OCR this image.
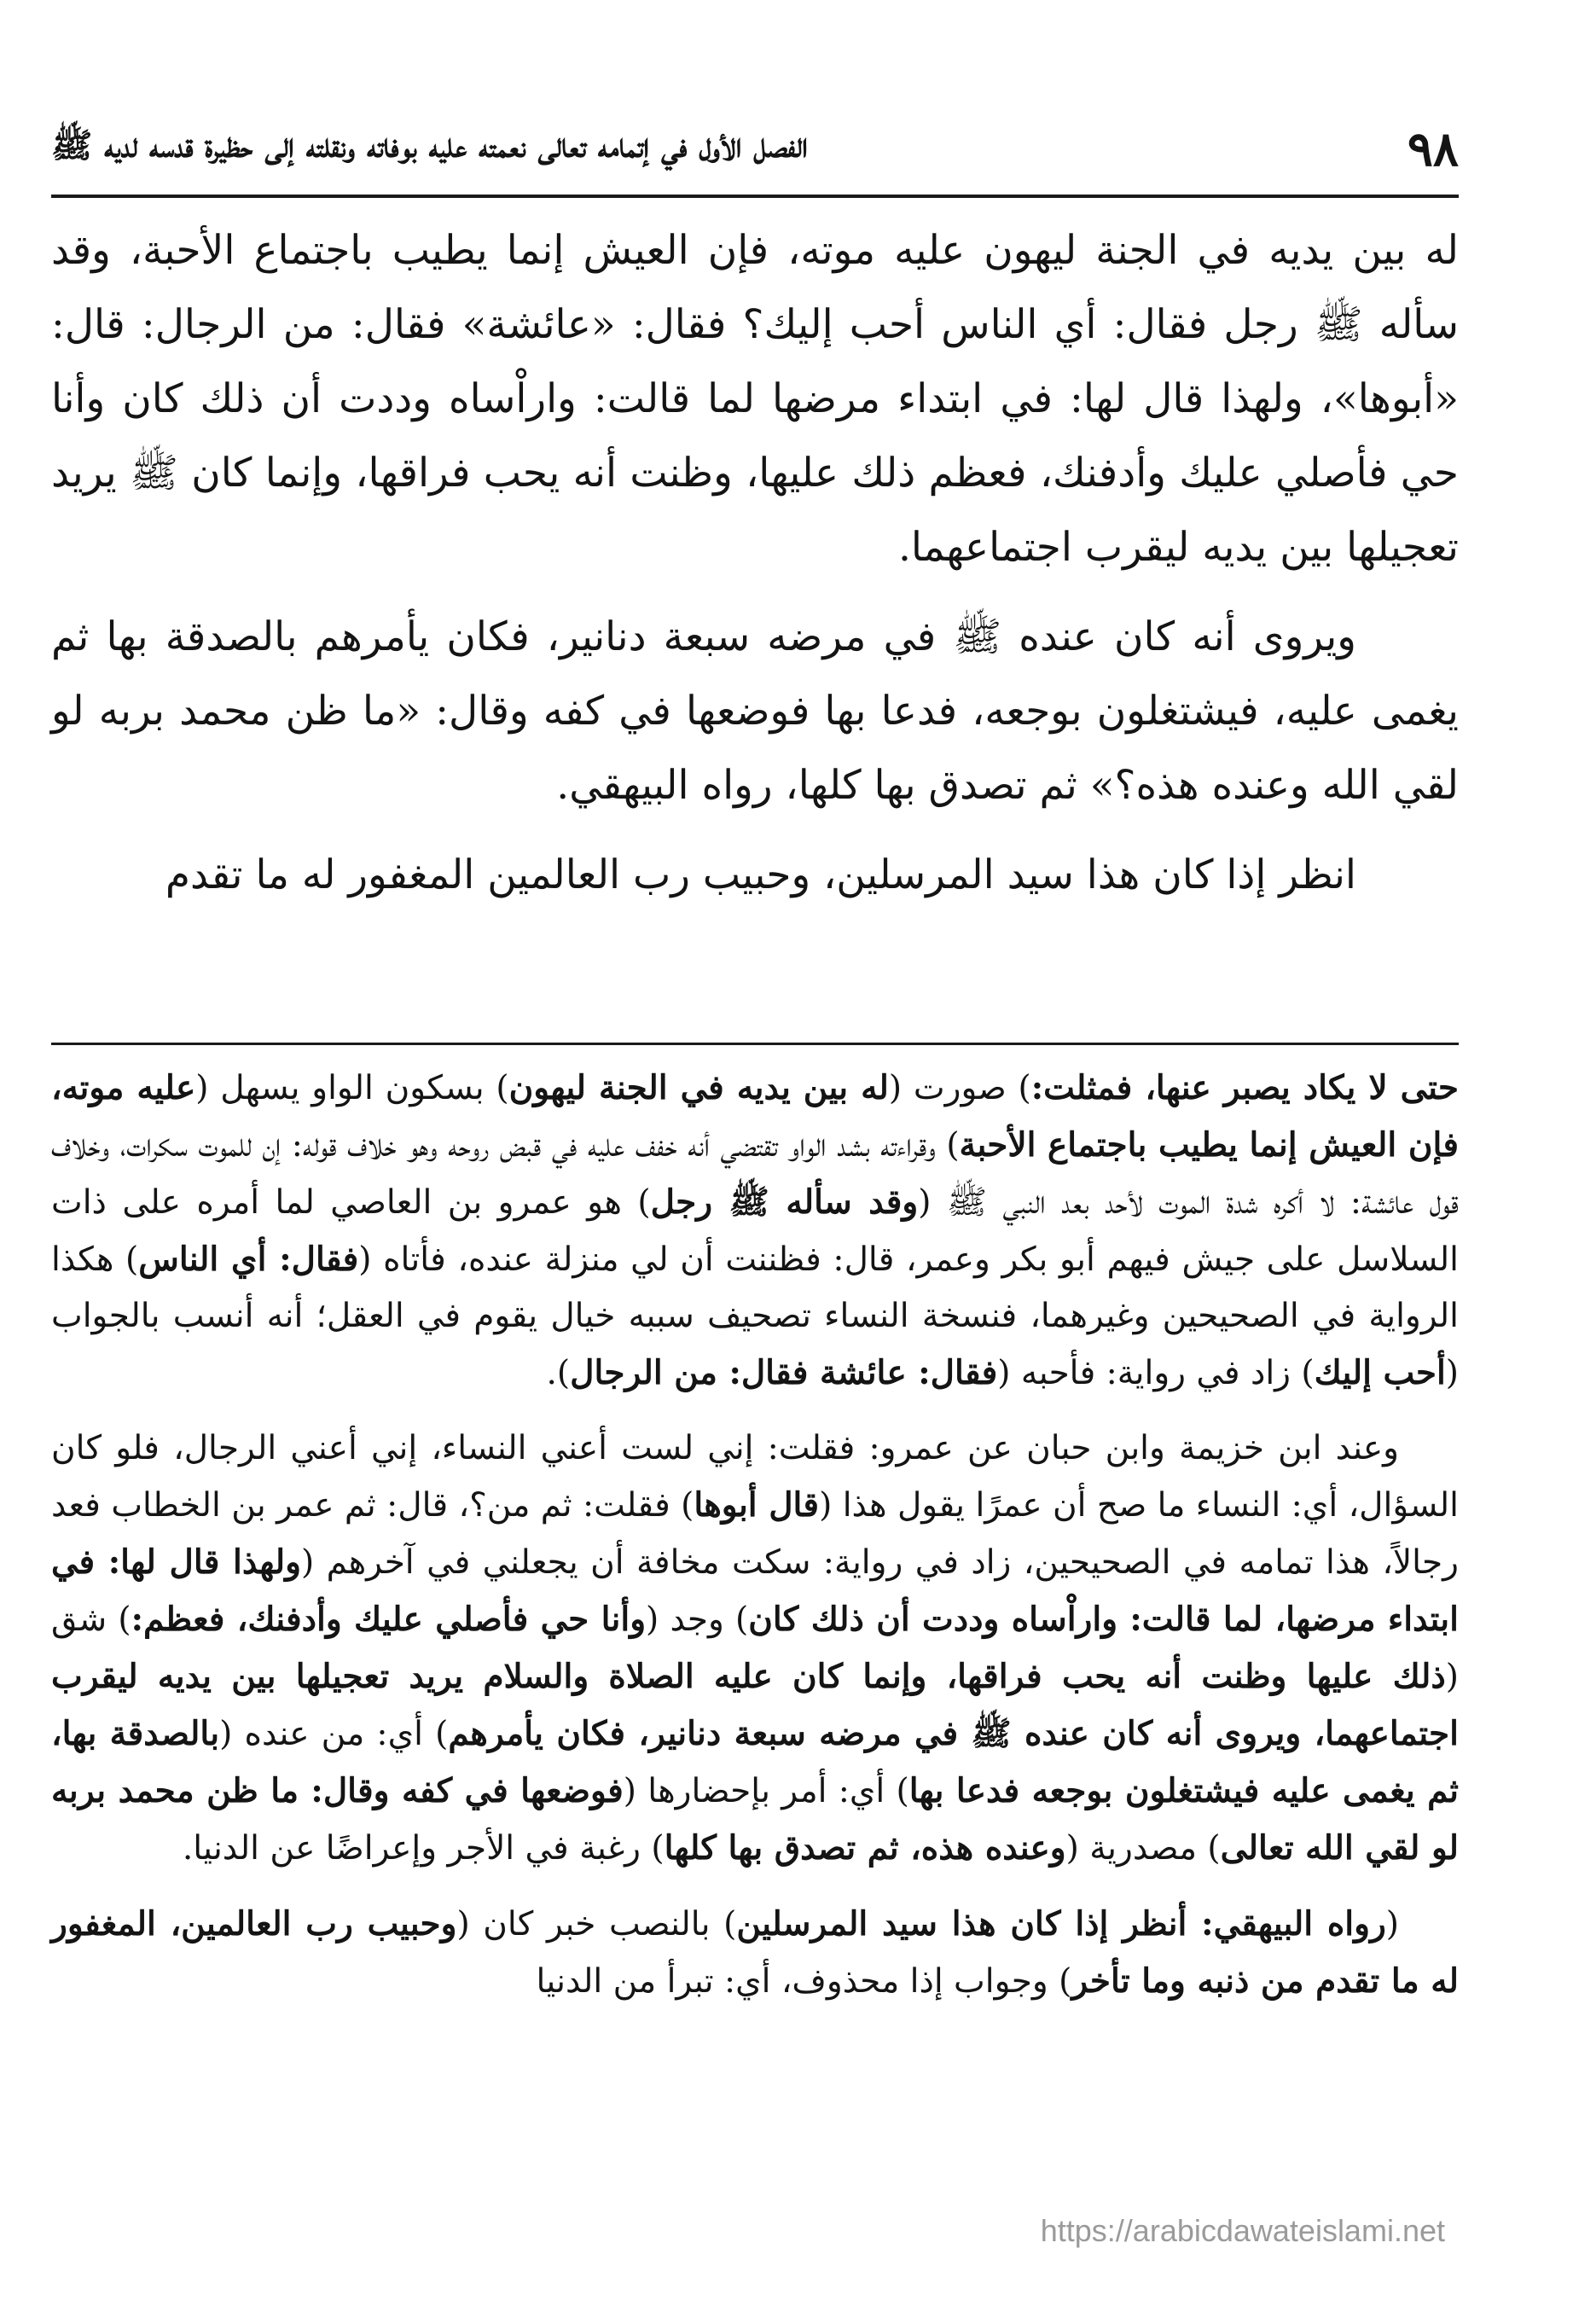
٩٨
الفصل الأول في إتمامه تعالى نعمته عليه بوفاته ونقلته إلى حظيرة قدسه لديه ﷺ

له بين يديه في الجنة ليهون عليه موته، فإن العيش إنما يطيب باجتماع الأحبة، وقد سأله ﷺ رجل فقال: أي الناس أحب إليك؟ فقال: «عائشة» فقال: من الرجال: قال: «أبوها»، ولهذا قال لها: في ابتداء مرضها لما قالت: واراْساه وددت أن ذلك كان وأنا حي فأصلي عليك وأدفنك، فعظم ذلك عليها، وظنت أنه يحب فراقها، وإنما كان ﷺ يريد تعجيلها بين يديه ليقرب اجتماعهما.

ويروى أنه كان عنده ﷺ في مرضه سبعة دنانير، فكان يأمرهم بالصدقة بها ثم يغمى عليه، فيشتغلون بوجعه، فدعا بها فوضعها في كفه وقال: «ما ظن محمد بربه لو لقي الله وعنده هذه؟» ثم تصدق بها كلها، رواه البيهقي.

انظر إذا كان هذا سيد المرسلين، وحبيب رب العالمين المغفور له ما تقدم

حتى لا يكاد يصبر عنها، فمثلت:) صورت (له بين يديه في الجنة ليهون) بسكون الواو يسهل (عليه موته، فإن العيش إنما يطيب باجتماع الأحبة) وقراءته بشد الواو تقتضي أنه خفف عليه في قبض روحه وهو خلاف قوله: إن للموت سكرات، وخلاف قول عائشة: لا أكره شدة الموت لأحد بعد النبي ﷺ (وقد سأله ﷺ رجل) هو عمرو بن العاصي لما أمره على ذات السلاسل على جيش فيهم أبو بكر وعمر، قال: فظننت أن لي منزلة عنده، فأتاه (فقال: أي الناس) هكذا الرواية في الصحيحين وغيرهما، فنسخة النساء تصحيف سببه خيال يقوم في العقل؛ أنه أنسب بالجواب (أحب إليك) زاد في رواية: فأحبه (فقال: عائشة فقال: من الرجال).

وعند ابن خزيمة وابن حبان عن عمرو: فقلت: إني لست أعني النساء، إني أعني الرجال، فلو كان السؤال، أي: النساء ما صح أن عمرًا يقول هذا (قال أبوها) فقلت: ثم من؟، قال: ثم عمر بن الخطاب فعد رجالاً، هذا تمامه في الصحيحين، زاد في رواية: سكت مخافة أن يجعلني في آخرهم (ولهذا قال لها: في ابتداء مرضها، لما قالت: واراْساه وددت أن ذلك كان) وجد (وأنا حي فأصلي عليك وأدفنك، فعظم:) شق (ذلك عليها وظنت أنه يحب فراقها، وإنما كان عليه الصلاة والسلام يريد تعجيلها بين يديه ليقرب اجتماعهما، ويروى أنه كان عنده ﷺ في مرضه سبعة دنانير، فكان يأمرهم) أي: من عنده (بالصدقة بها، ثم يغمى عليه فيشتغلون بوجعه فدعا بها) أي: أمر بإحضارها (فوضعها في كفه وقال: ما ظن محمد بربه لو لقي الله تعالى) مصدرية (وعنده هذه، ثم تصدق بها كلها) رغبة في الأجر وإعراضًا عن الدنيا.

(رواه البيهقي: أنظر إذا كان هذا سيد المرسلين) بالنصب خبر كان (وحبيب رب العالمين، المغفور له ما تقدم من ذنبه وما تأخر) وجواب إذا محذوف، أي: تبرأ من الدنيا

https://arabicdawateislami.net
